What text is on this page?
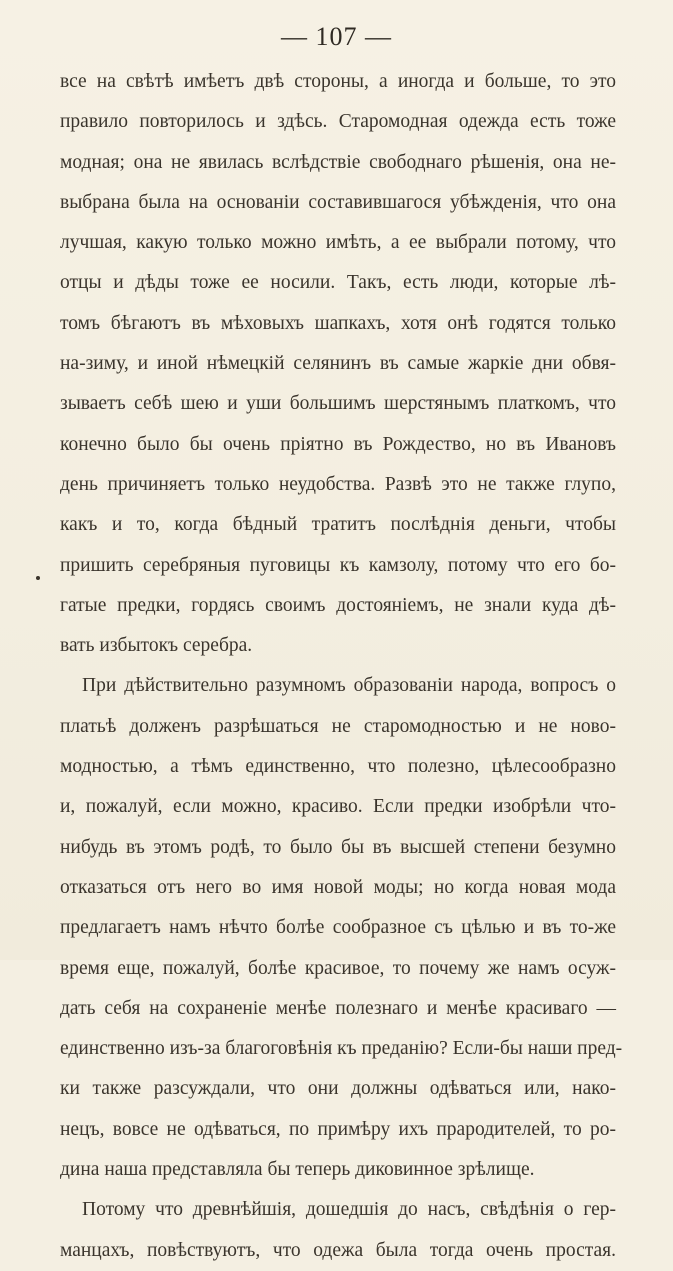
— 107 —
все на свѣтѣ имѣетъ двѣ стороны, а иногда и больше, то это
правило повторилось и здѣсь. Старомодная одежда есть тоже
модная; она не явилась вслѣдствіе свободнаго рѣшенія, она не-
выбрана была на основаніи составившагося убѣжденія, что она
лучшая, какую только можно имѣть, а ее выбрали потому, что
отцы и дѣды тоже ее носили. Такъ, есть люди, которые лѣ-
томъ бѣгаютъ въ мѣховыхъ шапкахъ, хотя онѣ годятся только
на-зиму, и иной нѣмецкій селянинъ въ самые жаркіе дни обвя-
зываетъ себѣ шею и уши большимъ шерстянымъ платкомъ, что
конечно было бы очень пріятно въ Рождество, но въ Ивановъ
день причиняетъ только неудобства. Развѣ это не также глупо,
какъ и то, когда бѣдный тратитъ послѣднія деньги, чтобы
пришить серебряныя пуговицы къ камзолу, потому что его бо-
гатые предки, гордясь своимъ достояніемъ, не знали куда дѣ-
вать избытокъ серебра.
При дѣйствительно разумномъ образованіи народа, вопросъ о
платьѣ долженъ разрѣшаться не старомодностью и не ново-
модностью, а тѣмъ единственно, что полезно, цѣлесообразно
и, пожалуй, если можно, красиво. Если предки изобрѣли что-
нибудь въ этомъ родѣ, то было бы въ высшей степени безумно
отказаться отъ него во имя новой моды; но когда новая мода
предлагаетъ намъ нѣчто болѣе сообразное съ цѣлью и въ то-же
время еще, пожалуй, болѣе красивое, то почему же намъ осуж-
дать себя на сохраненіе менѣе полезнаго и менѣе красиваго —
единственно изъ-за благоговѣнія къ преданію? Если-бы наши пред-
ки также разсуждали, что они должны одѣваться или, нако-
нецъ, вовсе не одѣваться, по примѣру ихъ прародителей, то ро-
дина наша представляла бы теперь диковинное зрѣлище.
Потому что древнѣйшія, дошедшія до насъ, свѣдѣнія о гер-
манцахъ, повѣствуютъ, что одежа была тогда очень простая.
